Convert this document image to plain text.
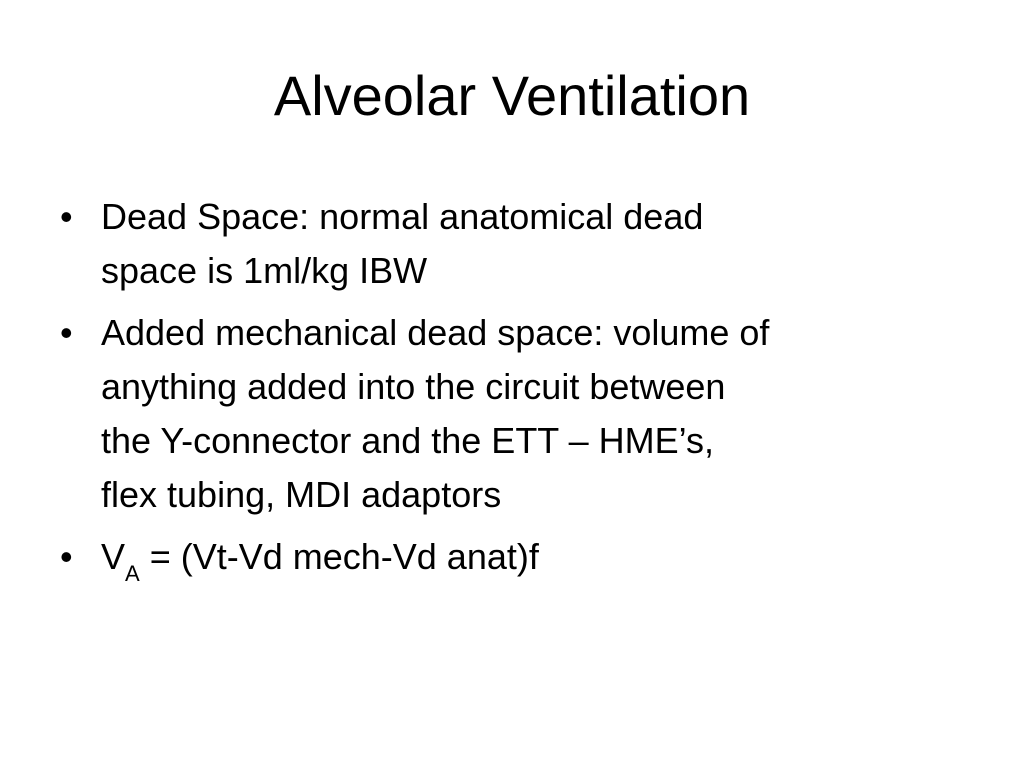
Alveolar Ventilation
• Dead Space: normal anatomical dead
space is 1ml/kg IBW
• Added mechanical dead space: volume of
anything added into the circuit between
the Y-connector and the ETT – HME’s,
flex tubing, MDI adaptors
• $V_A = (Vt-Vd$ mech-Vd anat)f
